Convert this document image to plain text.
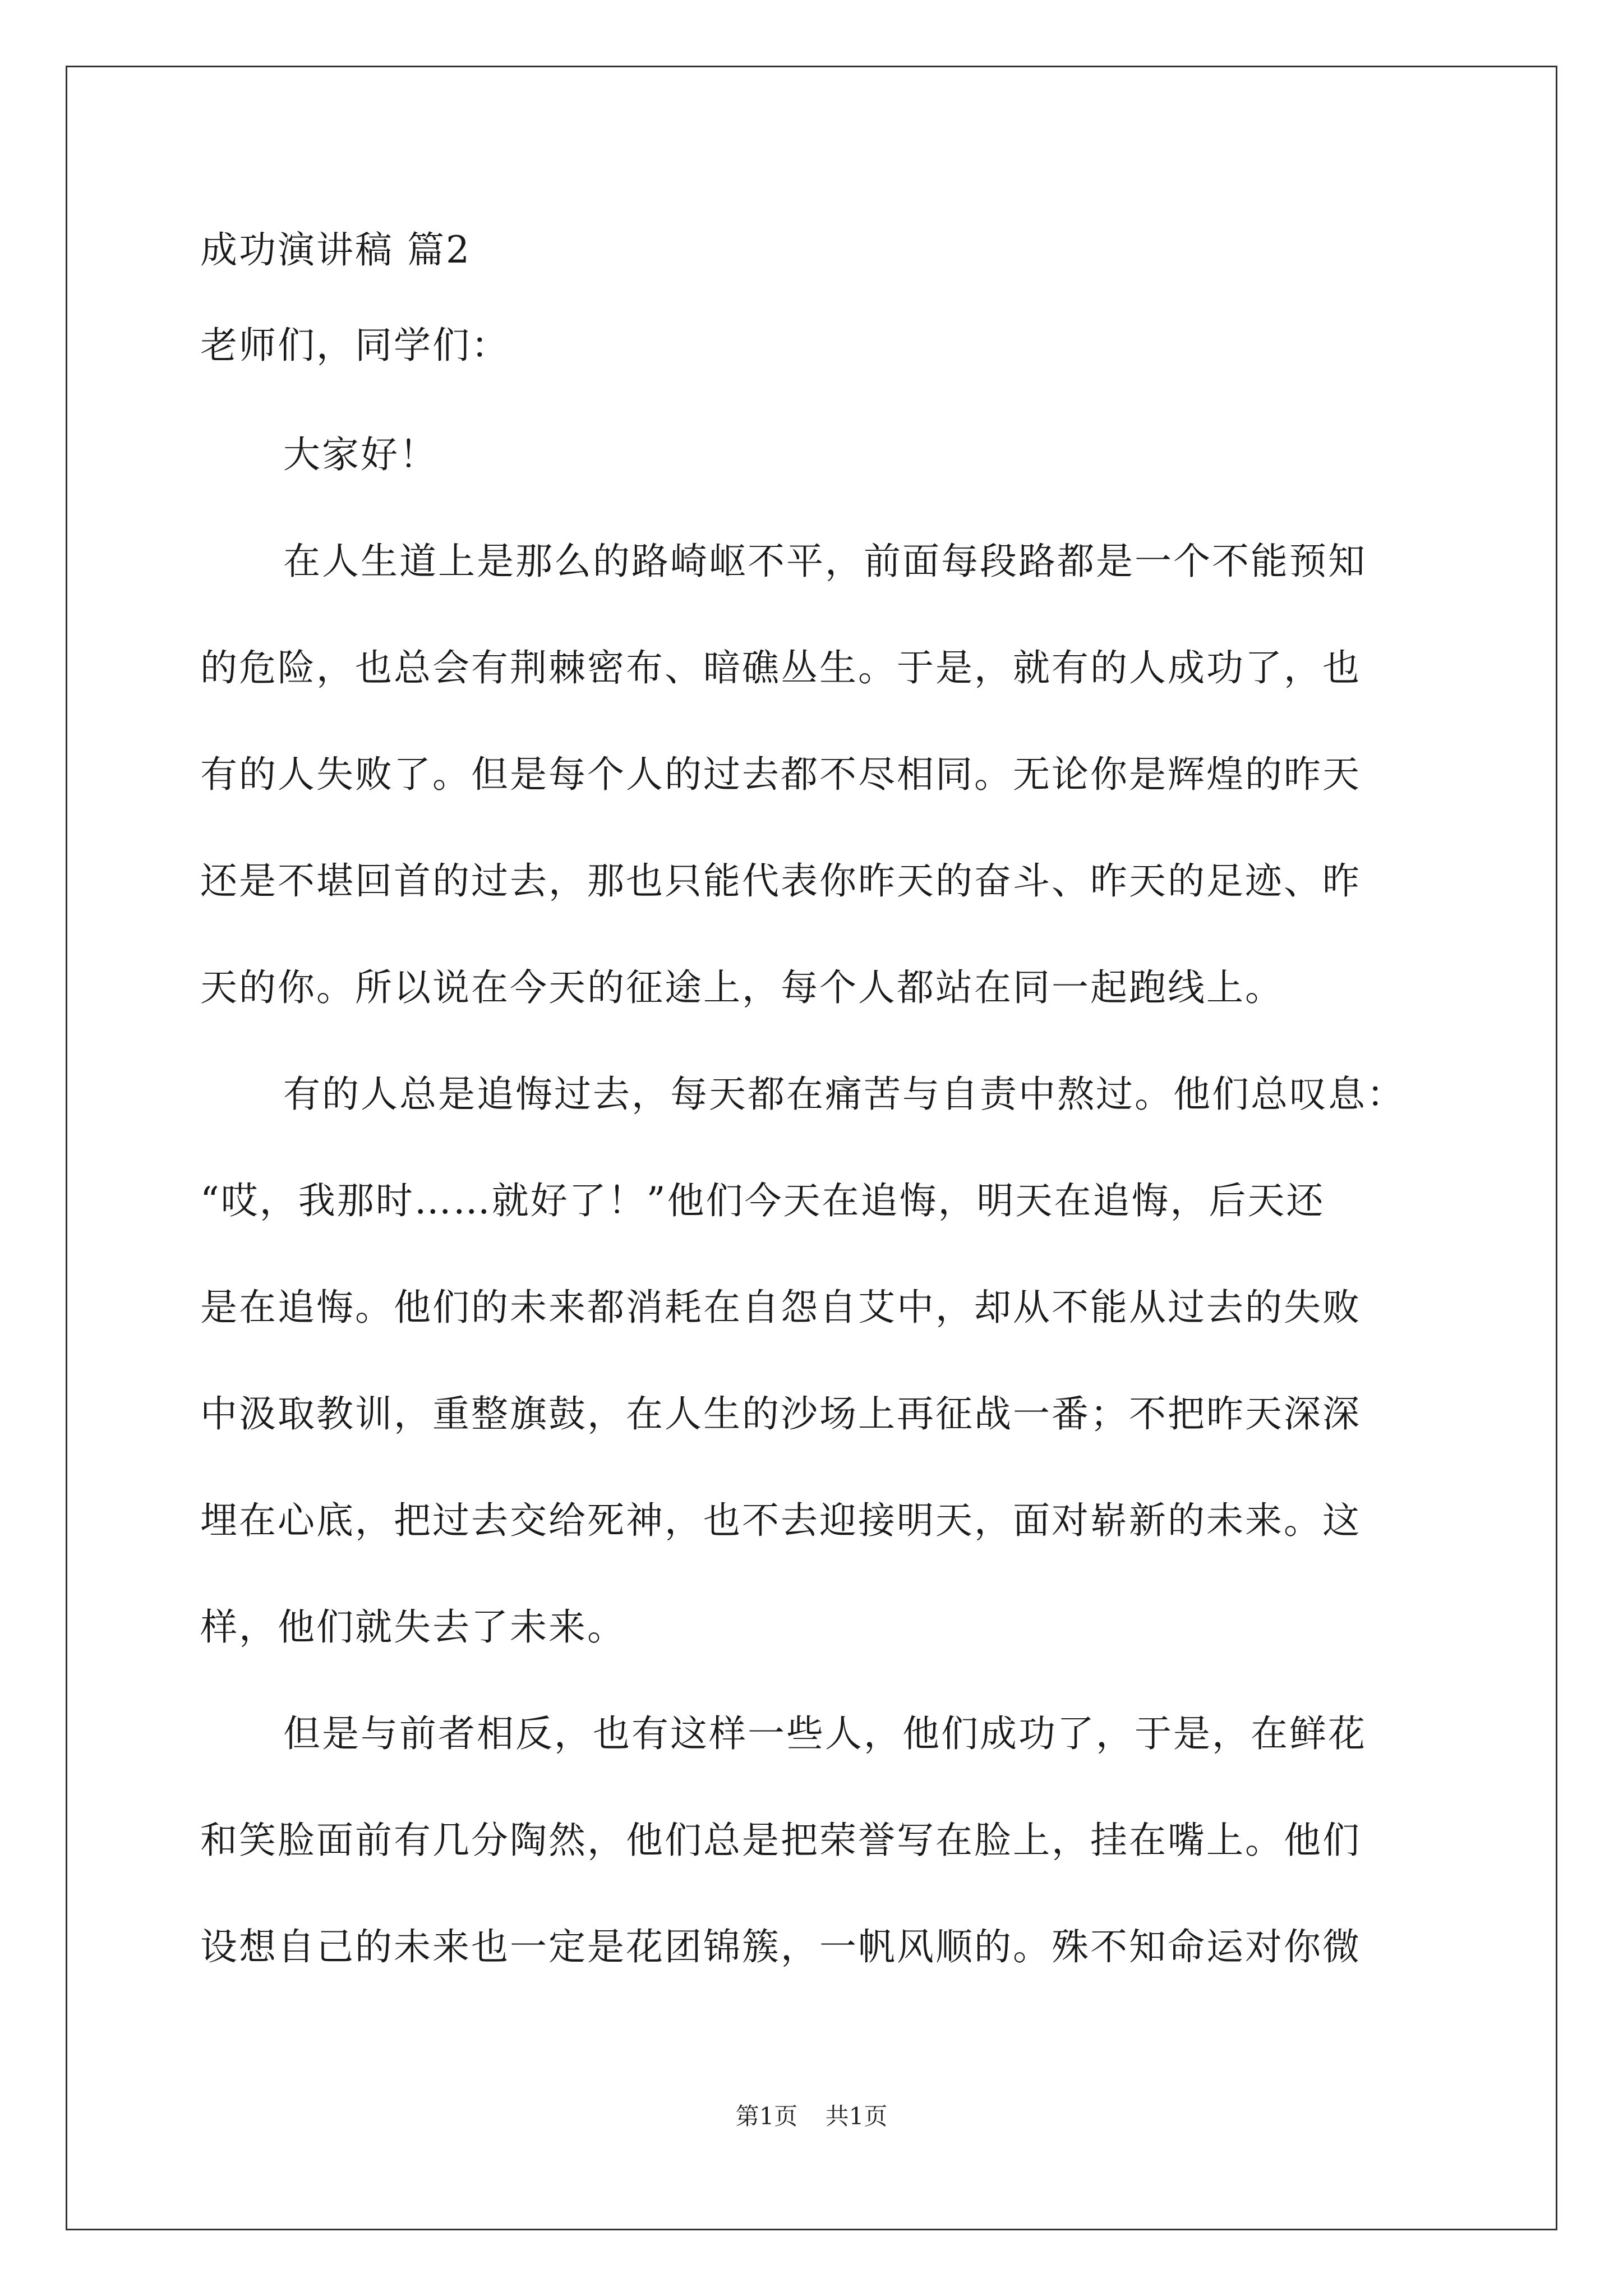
成功演讲稿 篇2
老师们，同学们：
大家好！
在人生道上是那么的路崎岖不平，前面每段路都是一个不能预知
的危险，也总会有荆棘密布、暗礁丛生。于是，就有的人成功了，也
有的人失败了。但是每个人的过去都不尽相同。无论你是辉煌的昨天
还是不堪回首的过去，那也只能代表你昨天的奋斗、昨天的足迹、昨
天的你。所以说在今天的征途上，每个人都站在同一起跑线上。
有的人总是追悔过去，每天都在痛苦与自责中熬过。他们总叹息：
“哎，我那时……就好了！”他们今天在追悔，明天在追悔，后天还
是在追悔。他们的未来都消耗在自怨自艾中，却从不能从过去的失败
中汲取教训，重整旗鼓，在人生的沙场上再征战一番；不把昨天深深
埋在心底，把过去交给死神，也不去迎接明天，面对崭新的未来。这
样，他们就失去了未来。
但是与前者相反，也有这样一些人，他们成功了，于是，在鲜花
和笑脸面前有几分陶然，他们总是把荣誉写在脸上，挂在嘴上。他们
设想自己的未来也一定是花团锦簇，一帆风顺的。殊不知命运对你微
第1页 共1页
